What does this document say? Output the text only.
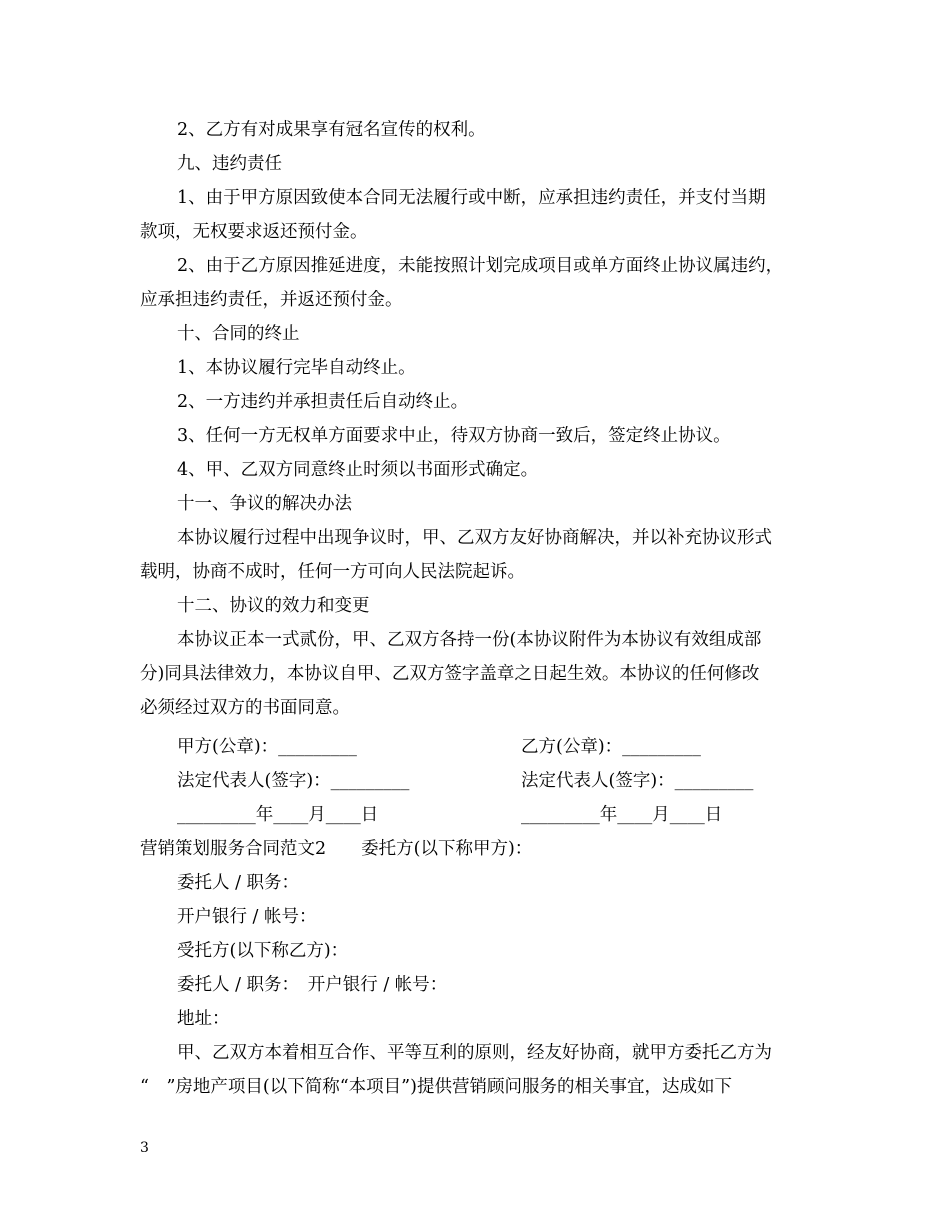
2、乙方有对成果享有冠名宣传的权利。
九、违约责任
1、由于甲方原因致使本合同无法履行或中断，应承担违约责任，并支付当期
款项，无权要求返还预付金。
2、由于乙方原因推延进度，未能按照计划完成项目或单方面终止协议属违约，
应承担违约责任，并返还预付金。
十、合同的终止
1、本协议履行完毕自动终止。
2、一方违约并承担责任后自动终止。
3、任何一方无权单方面要求中止，待双方协商一致后，签定终止协议。
4、甲、乙双方同意终止时须以书面形式确定。
十一、争议的解决办法
本协议履行过程中出现争议时，甲、乙双方友好协商解决，并以补充协议形式
载明，协商不成时，任何一方可向人民法院起诉。
十二、协议的效力和变更
本协议正本一式贰份，甲、乙双方各持一份(本协议附件为本协议有效组成部
分)同具法律效力，本协议自甲、乙双方签字盖章之日起生效。本协议的任何修改
必须经过双方的书面同意。
甲方(公章)：_________	乙方(公章)：_________
法定代表人(签字)：_________	法定代表人(签字)：_________
_________年____月____日	_________年____月____日
营销策划服务合同范文2　　委托方(以下称甲方)：
委托人 / 职务：
开户银行 / 帐号：
受托方(以下称乙方)：
委托人 / 职务：　开户银行 / 帐号：
地址：
甲、乙双方本着相互合作、平等互利的原则，经友好协商，就甲方委托乙方为
“　”房地产项目(以下简称“本项目”)提供营销顾问服务的相关事宜，达成如下
3
